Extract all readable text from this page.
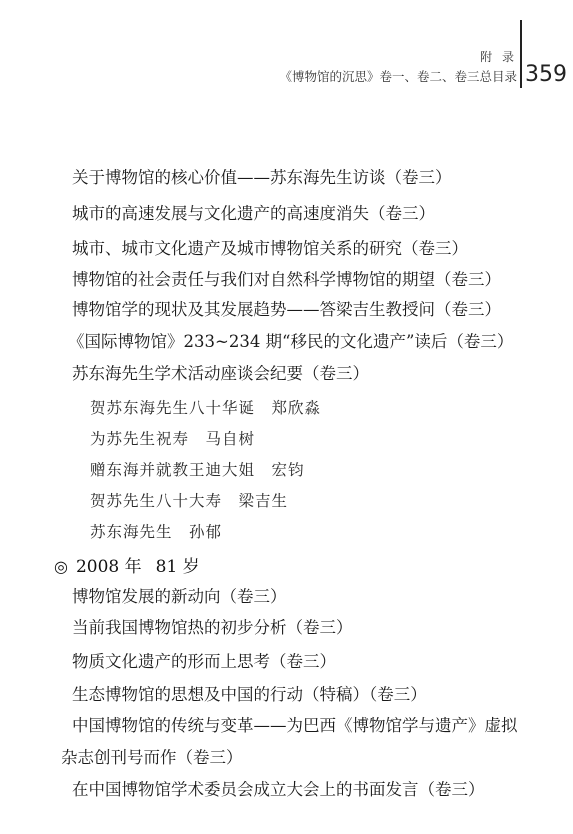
附 录
《博物馆的沉思》卷一、卷二、卷三总目录 359
关于博物馆的核心价值——苏东海先生访谈（卷三）
城市的高速发展与文化遗产的高速度消失（卷三）
城市、城市文化遗产及城市博物馆关系的研究（卷三）
博物馆的社会责任与我们对自然科学博物馆的期望（卷三）
博物馆学的现状及其发展趋势——答梁吉生教授问（卷三）
《国际博物馆》233~234 期“移民的文化遗产”读后（卷三）
苏东海先生学术活动座谈会纪要（卷三）
贺苏东海先生八十华诞　郑欣淼
为苏先生祝寿　马自树
赠东海并就教王迪大姐　宏钧
贺苏先生八十大寿　梁吉生
苏东海先生　孙郁
◎ 2008 年 81 岁
博物馆发展的新动向（卷三）
当前我国博物馆热的初步分析（卷三）
物质文化遗产的形而上思考（卷三）
生态博物馆的思想及中国的行动（特稿）（卷三）
中国博物馆的传统与变革——为巴西《博物馆学与遗产》虚拟
杂志创刊号而作（卷三）
在中国博物馆学术委员会成立大会上的书面发言（卷三）
